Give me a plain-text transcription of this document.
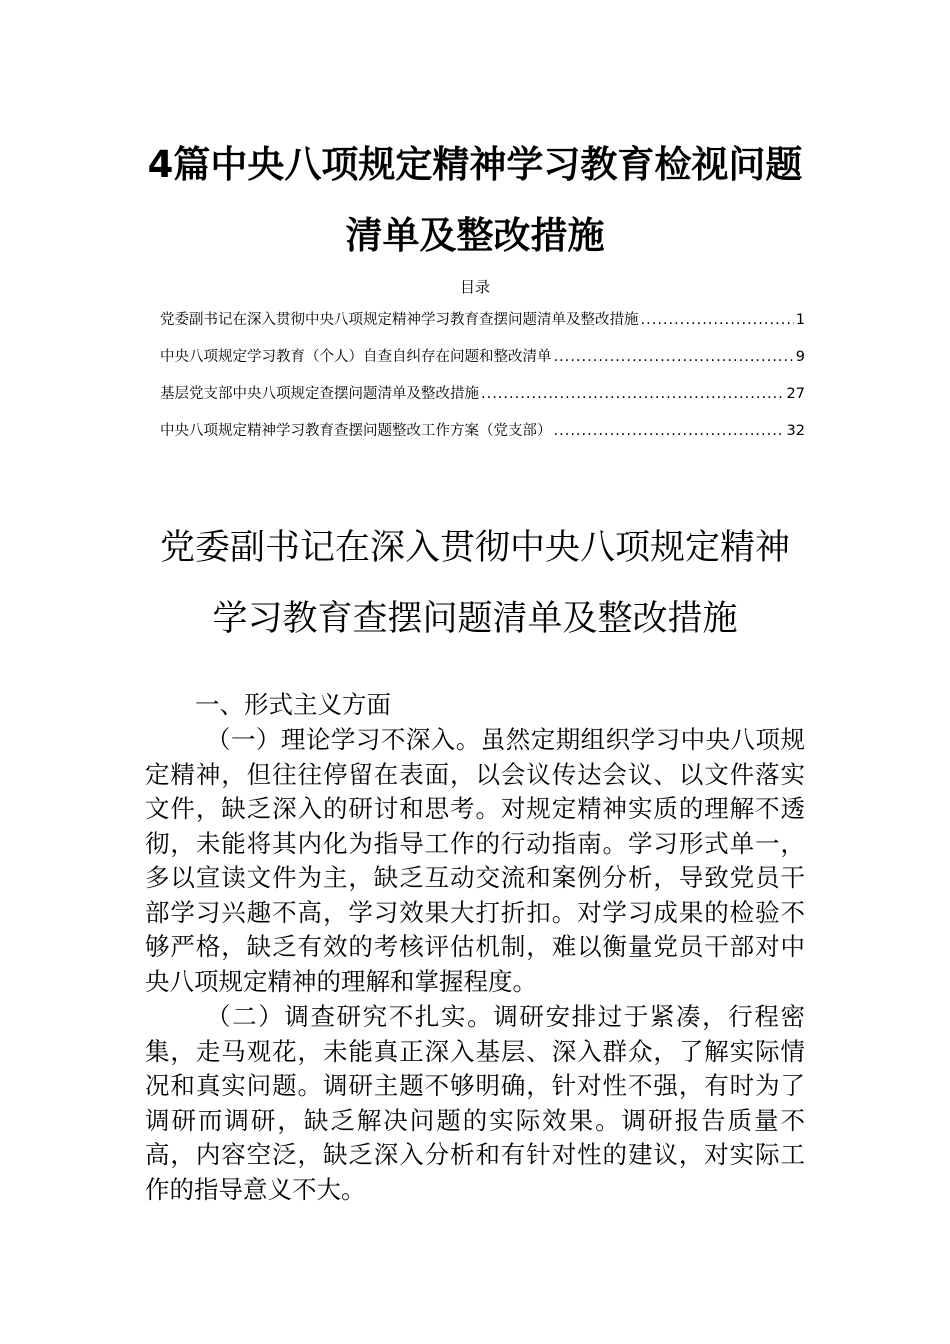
4篇中央八项规定精神学习教育检视问题
清单及整改措施
目录
党委副书记在深入贯彻中央八项规定精神学习教育查摆问题清单及整改措施 .....	1
中央八项规定学习教育（个人）自查自纠存在问题和整改清单 .....	9
基层党支部中央八项规定查摆问题清单及整改措施 .....	27
中央八项规定精神学习教育查摆问题整改工作方案（党支部） .....	32
党委副书记在深入贯彻中央八项规定精神
学习教育查摆问题清单及整改措施

一、形式主义方面

（一）理论学习不深入。虽然定期组织学习中央八项规定精神，但往往停留在表面，以会议传达会议、以文件落实文件，缺乏深入的研讨和思考。对规定精神实质的理解不透彻，未能将其内化为指导工作的行动指南。学习形式单一，多以宣读文件为主，缺乏互动交流和案例分析，导致党员干部学习兴趣不高，学习效果大打折扣。对学习成果的检验不够严格，缺乏有效的考核评估机制，难以衡量党员干部对中央八项规定精神的理解和掌握程度。

（二）调查研究不扎实。调研安排过于紧凑，行程密集，走马观花，未能真正深入基层、深入群众，了解实际情况和真实问题。调研主题不够明确，针对性不强，有时为了调研而调研，缺乏解决问题的实际效果。调研报告质量不高，内容空泛，缺乏深入分析和有针对性的建议，对实际工作的指导意义不大。
